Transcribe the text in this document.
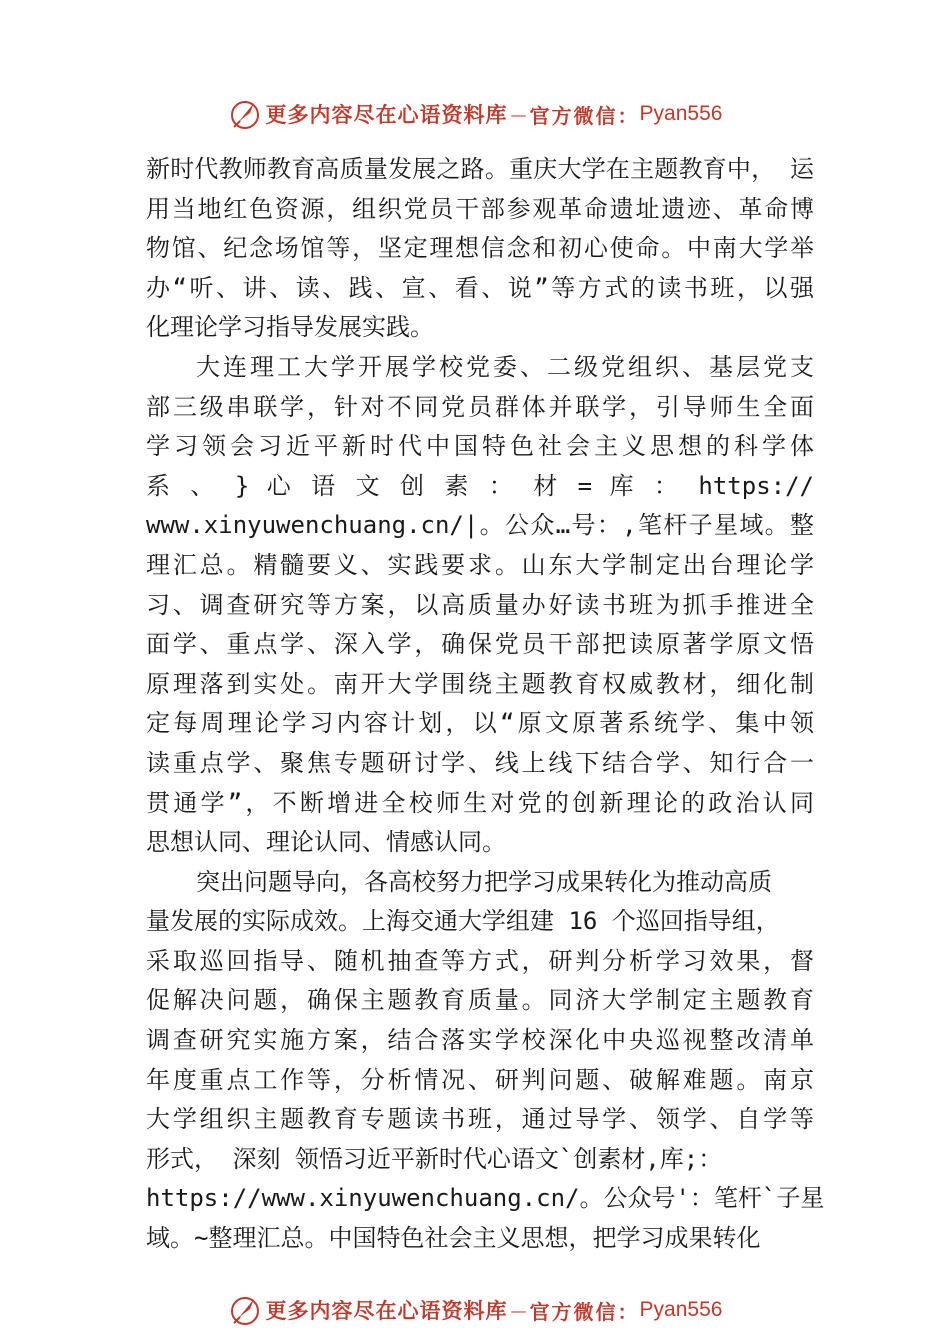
更多内容尽在心语资料库 — 官方微信： Pyan556
新时代教师教育高质量发展之路。重庆大学在主题教育中， 运
用当地红色资源，组织党员干部参观革命遗址遗迹、革命博
物馆、纪念场馆等，坚定理想信念和初心使命。中南大学举
办“听、讲、读、践、宣、看、说”等方式的读书班，以强
化理论学习指导发展实践。
大连理工大学开展学校党委、二级党组织、基层党支
部三级串联学，针对不同党员群体并联学，引导师生全面
学习领会习近平新时代中国特色社会主义思想的科学体
系 、 } 心 语 文 创 素 ： 材 = 库 ： https://
www.xinyuwenchuang.cn/|。公众…号：,笔杆子星域。整
理汇总。精髓要义、实践要求。山东大学制定出台理论学
习、调查研究等方案，以高质量办好读书班为抓手推进全
面学、重点学、深入学，确保党员干部把读原著学原文悟
原理落到实处。南开大学围绕主题教育权威教材，细化制
定每周理论学习内容计划，以“原文原著系统学、集中领
读重点学、聚焦专题研讨学、线上线下结合学、知行合一
贯通学”，不断增进全校师生对党的创新理论的政治认同
思想认同、理论认同、情感认同。
突出问题导向，各高校努力把学习成果转化为推动高质
量发展的实际成效。上海交通大学组建 16 个巡回指导组，
采取巡回指导、随机抽查等方式，研判分析学习效果，督
促解决问题，确保主题教育质量。同济大学制定主题教育
调查研究实施方案，结合落实学校深化中央巡视整改清单
年度重点工作等，分析情况、研判问题、破解难题。南京
大学组织主题教育专题读书班，通过导学、领学、自学等
形式， 深刻 领悟习近平新时代心语文`创素材,库;：
https://www.xinyuwenchuang.cn/。公众号'：笔杆`子星
域。~整理汇总。中国特色社会主义思想，把学习成果转化
更多内容尽在心语资料库 — 官方微信： Pyan556
